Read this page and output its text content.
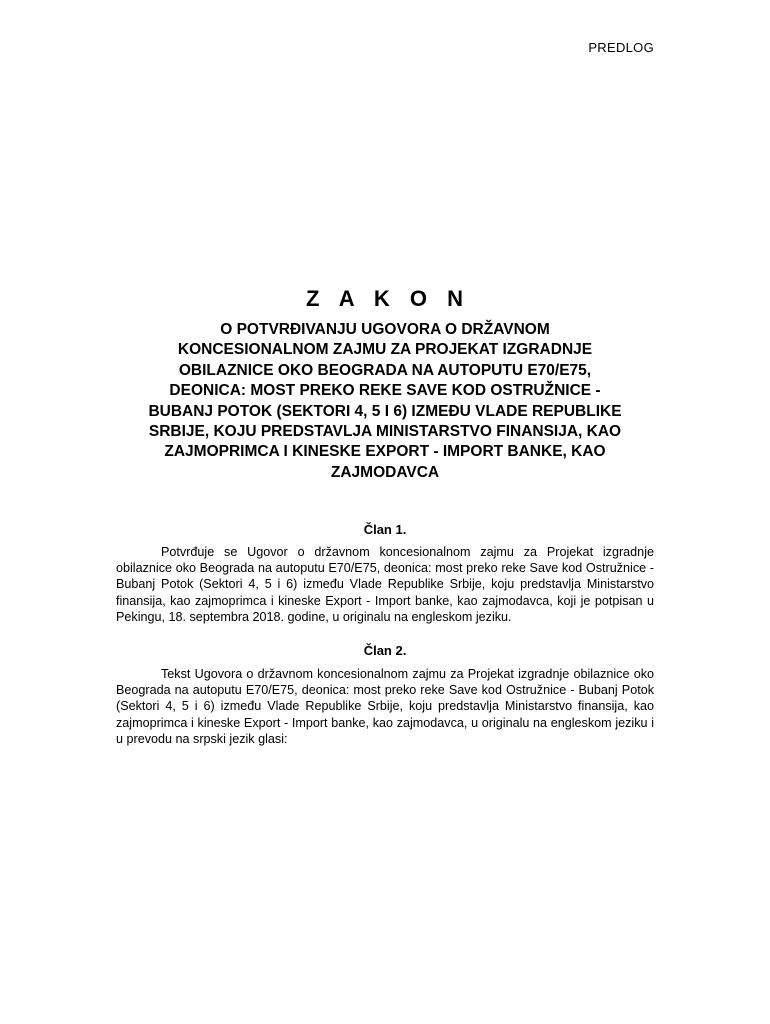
PREDLOG
Z A K O N

O POTVRĐIVANJU UGOVORA O DRŽAVNOM KONCESIONALNOM ZAJMU ZA PROJEKAT IZGRADNJE OBILAZNICE OKO BEOGRADA NA AUTOPUTU E70/E75, DEONICA: MOST PREKO REKE SAVE KOD OSTRUŽNICE - BUBANJ POTOK (SEKTORI 4, 5 I 6) IZMEĐU VLADE REPUBLIKE SRBIJE, KOJU PREDSTAVLJA MINISTARSTVO FINANSIJA, KAO ZAJMOPRIMCA I KINESKE EXPORT - IMPORT BANKE, KAO ZAJMODAVCA

Član 1.

Potvrđuje se Ugovor o državnom koncesionalnom zajmu za Projekat izgradnje obilaznice oko Beograda na autoputu E70/E75, deonica: most preko reke Save kod Ostružnice - Bubanj Potok (Sektori 4, 5 i 6) između Vlade Republike Srbije, koju predstavlja Ministarstvo finansija, kao zajmoprimca i kineske Export - Import banke, kao zajmodavca, koji je potpisan u Pekingu, 18. septembra 2018. godine, u originalu na engleskom jeziku.

Član 2.

Tekst Ugovora o državnom koncesionalnom zajmu za Projekat izgradnje obilaznice oko Beograda na autoputu E70/E75, deonica: most preko reke Save kod Ostružnice - Bubanj Potok (Sektori 4, 5 i 6) između Vlade Republike Srbije, koju predstavlja Ministarstvo finansija, kao zajmoprimca i kineske Export - Import banke, kao zajmodavca, u originalu na engleskom jeziku i u prevodu na srpski jezik glasi:
